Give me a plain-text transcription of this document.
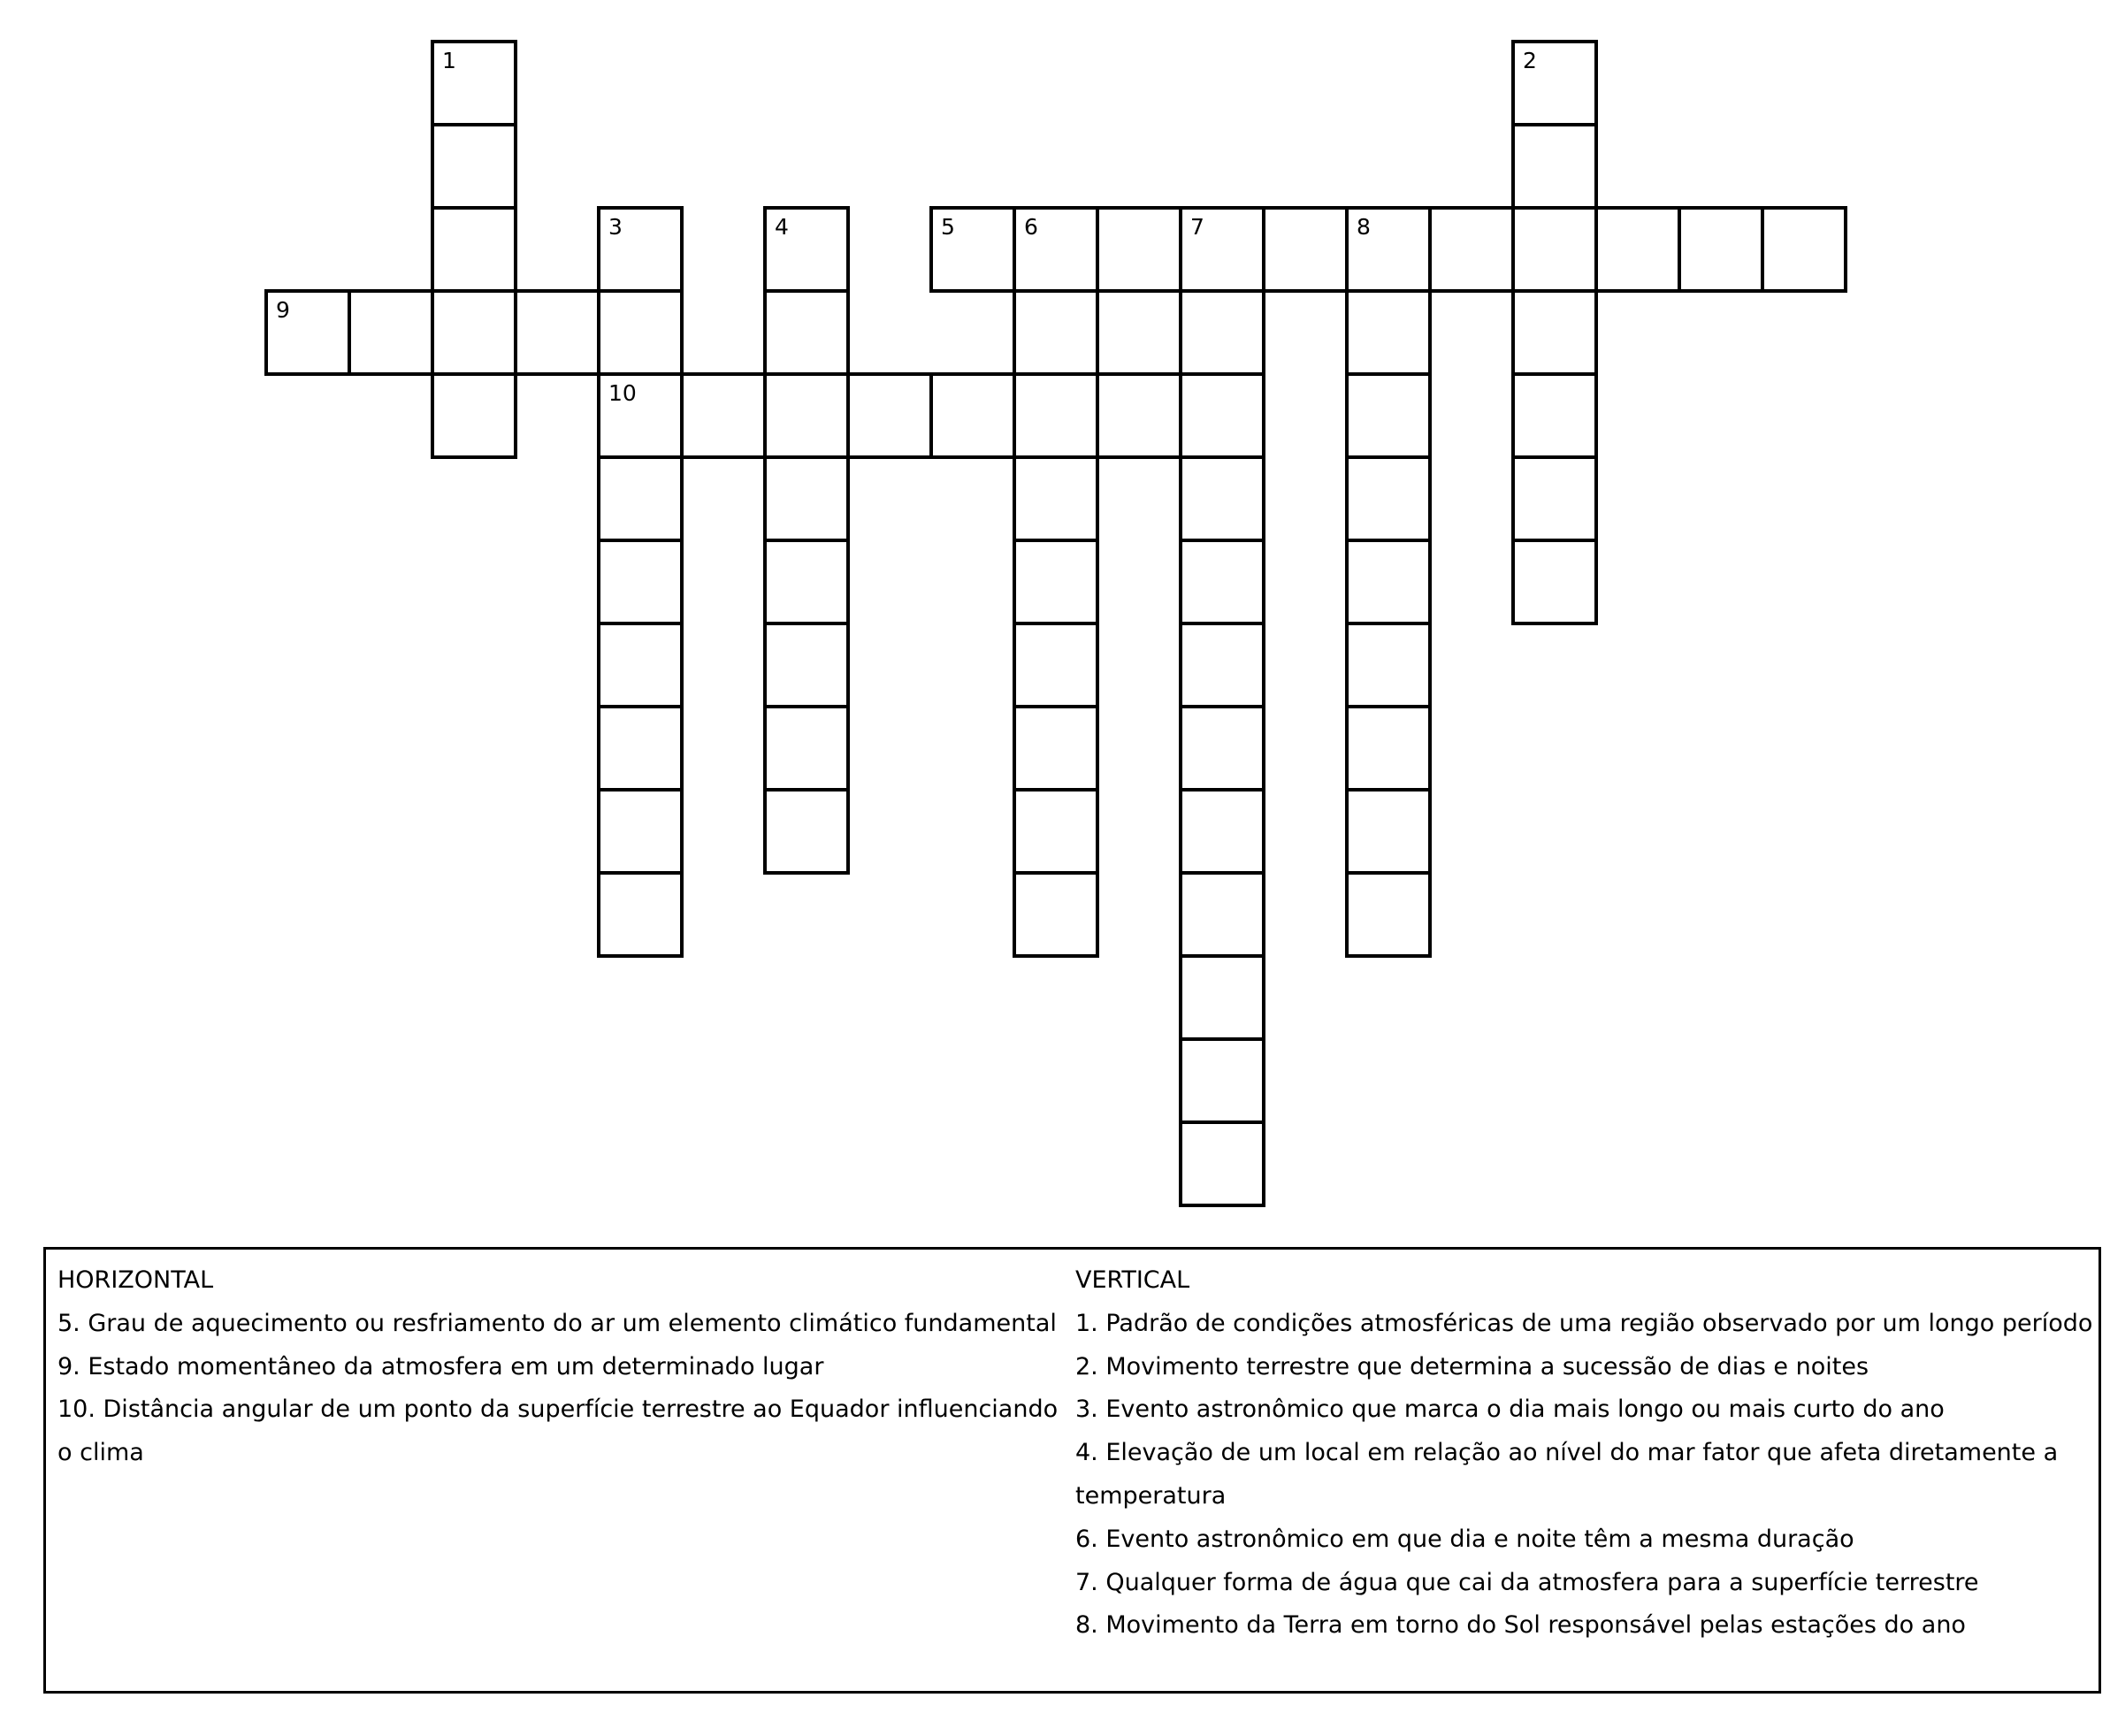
1	2
3
10
4	5	6	7	8
9

HORIZONTAL

5. Grau de aquecimento ou resfriamento do ar um elemento climático fundamental

9. Estado momentâneo da atmosfera em um determinado lugar

10. Distância angular de um ponto da superfície terrestre ao Equador influenciando

o clima

VERTICAL

1. Padrão de condições atmosféricas de uma região observado por um longo período

2. Movimento terrestre que determina a sucessão de dias e noites

3. Evento astronômico que marca o dia mais longo ou mais curto do ano

4. Elevação de um local em relação ao nível do mar fator que afeta diretamente a

temperatura

6. Evento astronômico em que dia e noite têm a mesma duração

7. Qualquer forma de água que cai da atmosfera para a superfície terrestre

8. Movimento da Terra em torno do Sol responsável pelas estações do ano
